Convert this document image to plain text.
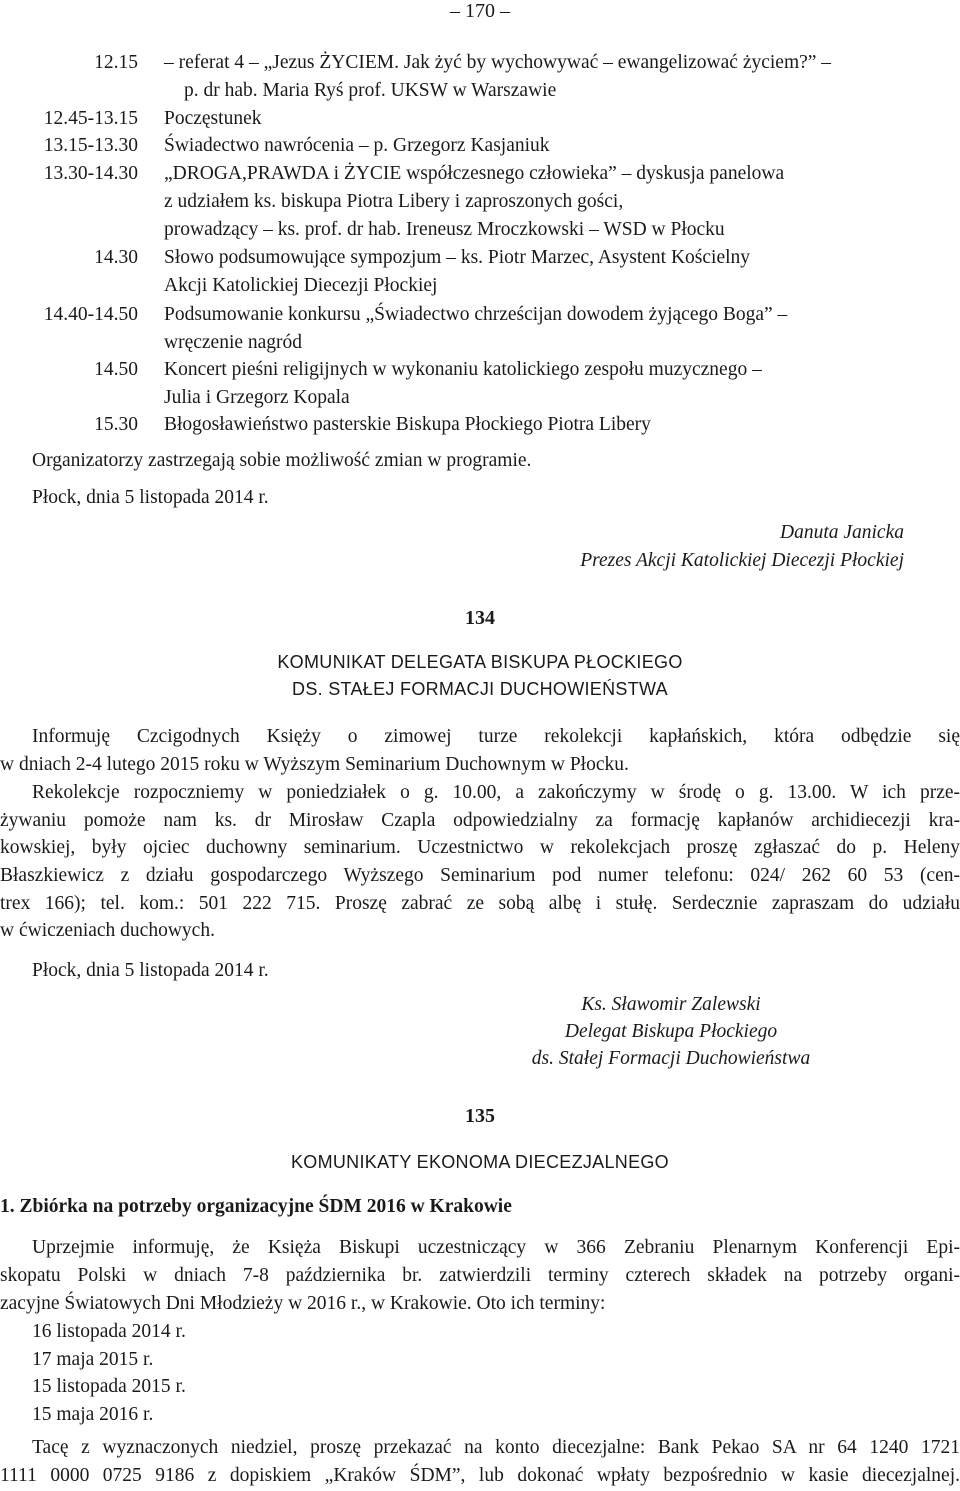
– 170 –
12.15 – referat 4 – „Jezus ŻYCIEM. Jak żyć by wychowywać – ewangelizować życiem?” –
p. dr hab. Maria Ryś prof. UKSW w Warszawie
12.45-13.15 Poczęstunek
13.15-13.30 Świadectwo nawrócenia – p. Grzegorz Kasjaniuk
13.30-14.30 „DROGA,PRAWDA i ŻYCIE współczesnego człowieka” – dyskusja panelowa
z udziałem ks. biskupa Piotra Libery i zaproszonych gości,
prowadzący – ks. prof. dr hab. Ireneusz Mroczkowski – WSD w Płocku
14.30 Słowo podsumowujące sympozjum – ks. Piotr Marzec, Asystent Kościelny
Akcji Katolickiej Diecezji Płockiej
14.40-14.50 Podsumowanie konkursu „Świadectwo chrześcijan dowodem żyjącego Boga” –
wręczenie nagród
14.50 Koncert pieśni religijnych w wykonaniu katolickiego zespołu muzycznego –
Julia i Grzegorz Kopala
15.30 Błogosławieństwo pasterskie Biskupa Płockiego Piotra Libery
Organizatorzy zastrzegają sobie możliwość zmian w programie.
Płock, dnia 5 listopada 2014 r.
Danuta Janicka
Prezes Akcji Katolickiej Diecezji Płockiej
134
KOMUNIKAT DELEGATA BISKUPA PŁOCKIEGO
DS. STAŁEJ FORMACJI DUCHOWIEŃSTWA
Informuję Czcigodnych Księży o zimowej turze rekolekcji kapłańskich, która odbędzie się
w dniach 2-4 lutego 2015 roku w Wyższym Seminarium Duchownym w Płocku.
Rekolekcje rozpoczniemy w poniedziałek o g. 10.00, a zakończymy w środę o g. 13.00. W ich prze-
żywaniu pomoże nam ks. dr Mirosław Czapla odpowiedzialny za formację kapłanów archidiecezji kra-
kowskiej, były ojciec duchowny seminarium. Uczestnictwo w rekolekcjach proszę zgłaszać do p. Heleny
Błaszkiewicz z działu gospodarczego Wyższego Seminarium pod numer telefonu: 024/ 262 60 53 (cen-
trex 166); tel. kom.: 501 222 715. Proszę zabrać ze sobą albę i stułę. Serdecznie zapraszam do udziału
w ćwiczeniach duchowych.
Płock, dnia 5 listopada 2014 r.
Ks. Sławomir Zalewski
Delegat Biskupa Płockiego
ds. Stałej Formacji Duchowieństwa
135
KOMUNIKATY EKONOMA DIECEZJALNEGO
1. Zbiórka na potrzeby organizacyjne ŚDM 2016 w Krakowie
Uprzejmie informuję, że Księża Biskupi uczestniczący w 366 Zebraniu Plenarnym Konferencji Epi-
skopatu Polski w dniach 7-8 października br. zatwierdzili terminy czterech składek na potrzeby organi-
zacyjne Światowych Dni Młodzieży w 2016 r., w Krakowie. Oto ich terminy:
16 listopada 2014 r.
17 maja 2015 r.
15 listopada 2015 r.
15 maja 2016 r.
Tacę z wyznaczonych niedziel, proszę przekazać na konto diecezjalne: Bank Pekao SA nr 64 1240 1721
1111 0000 0725 9186 z dopiskiem „Kraków ŚDM”, lub dokonać wpłaty bezpośrednio w kasie diecezjalnej.
